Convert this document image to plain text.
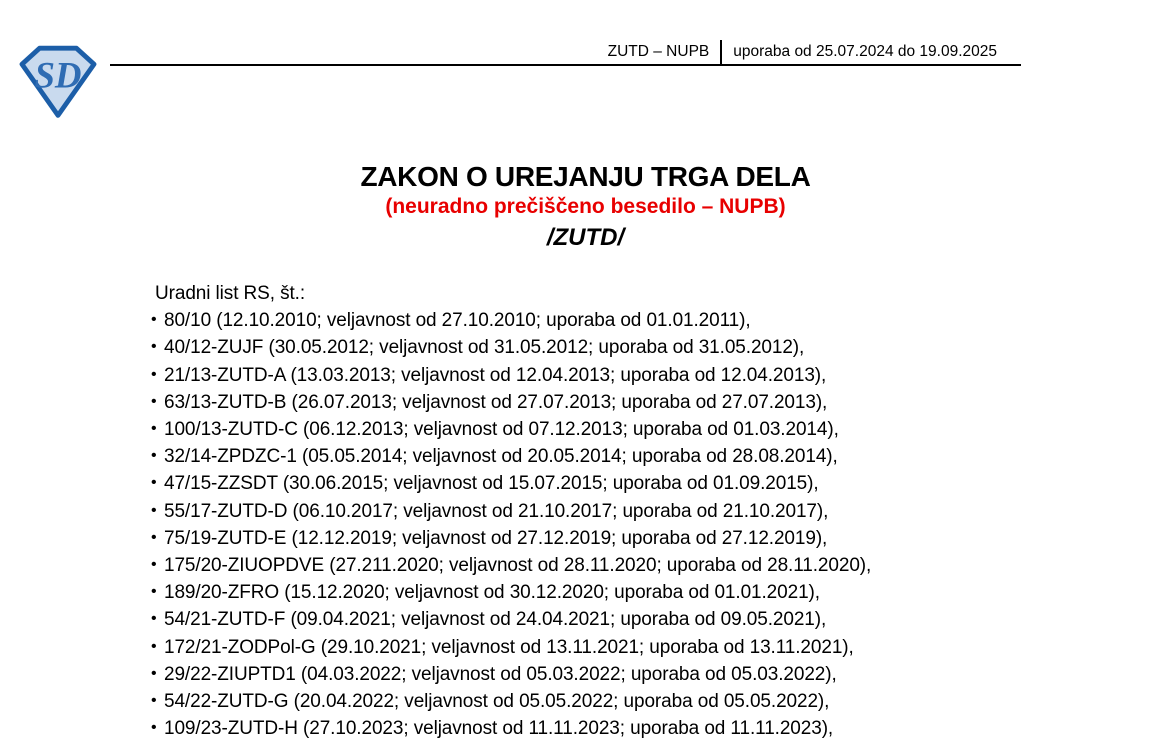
SD
ZUTD – NUPB uporaba od 25.07.2024 do 19.09.2025
ZAKON O UREJANJU TRGA DELA
(neuradno prečiščeno besedilo – NUPB)
/ZUTD/

Uradni list RS, št.:

• 80/10 (12.10.2010; veljavnost od 27.10.2010; uporaba od 01.01.2011),
• 40/12-ZUJF (30.05.2012; veljavnost od 31.05.2012; uporaba od 31.05.2012),
• 21/13-ZUTD-A (13.03.2013; veljavnost od 12.04.2013; uporaba od 12.04.2013),
• 63/13-ZUTD-B (26.07.2013; veljavnost od 27.07.2013; uporaba od 27.07.2013),
• 100/13-ZUTD-C (06.12.2013; veljavnost od 07.12.2013; uporaba od 01.03.2014),
• 32/14-ZPDZC-1 (05.05.2014; veljavnost od 20.05.2014; uporaba od 28.08.2014),
• 47/15-ZZSDT (30.06.2015; veljavnost od 15.07.2015; uporaba od 01.09.2015),
• 55/17-ZUTD-D (06.10.2017; veljavnost od 21.10.2017; uporaba od 21.10.2017),
• 75/19-ZUTD-E (12.12.2019; veljavnost od 27.12.2019; uporaba od 27.12.2019),
• 175/20-ZIUOPDVE (27.211.2020; veljavnost od 28.11.2020; uporaba od 28.11.2020),
• 189/20-ZFRO (15.12.2020; veljavnost od 30.12.2020; uporaba od 01.01.2021),
• 54/21-ZUTD-F (09.04.2021; veljavnost od 24.04.2021; uporaba od 09.05.2021),
• 172/21-ZODPol-G (29.10.2021; veljavnost od 13.11.2021; uporaba od 13.11.2021),
• 29/22-ZIUPTD1 (04.03.2022; veljavnost od 05.03.2022; uporaba od 05.03.2022),
• 54/22-ZUTD-G (20.04.2022; veljavnost od 05.05.2022; uporaba od 05.05.2022),
• 109/23-ZUTD-H (27.10.2023; veljavnost od 11.11.2023; uporaba od 11.11.2023),
